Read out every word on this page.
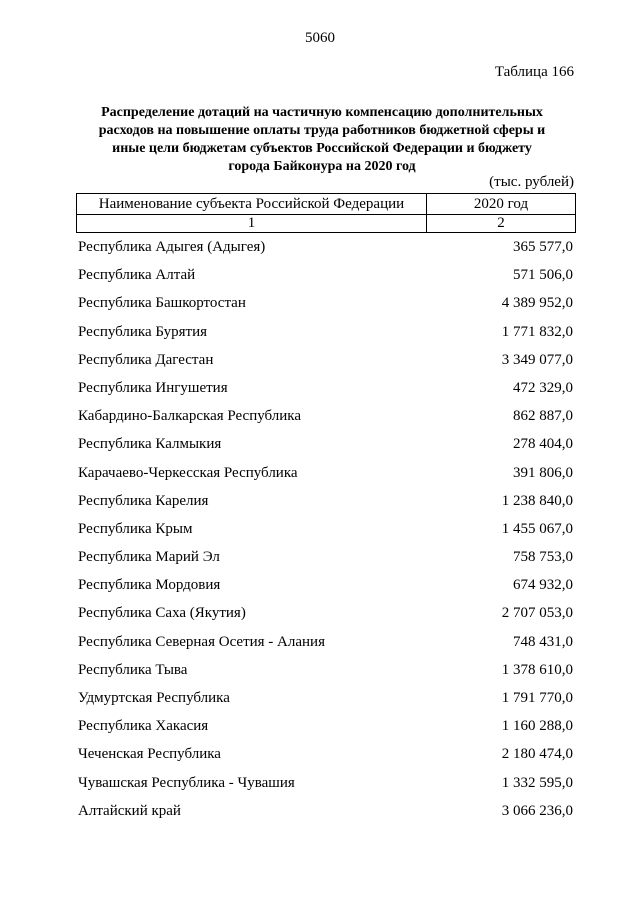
5060
Таблица 166
Распределение дотаций на частичную компенсацию дополнительных
расходов на повышение оплаты труда работников бюджетной сферы и
иные цели бюджетам субъектов Российской Федерации и бюджету
города Байконура на 2020 год
(тыс. рублей)
Наименование субъекта Российской Федерации	2020 год
1	2
Республика Адыгея (Адыгея)	365 577,0
Республика Алтай	571 506,0
Республика Башкортостан	4 389 952,0
Республика Бурятия	1 771 832,0
Республика Дагестан	3 349 077,0
Республика Ингушетия	472 329,0
Кабардино-Балкарская Республика	862 887,0
Республика Калмыкия	278 404,0
Карачаево-Черкесская Республика	391 806,0
Республика Карелия	1 238 840,0
Республика Крым	1 455 067,0
Республика Марий Эл	758 753,0
Республика Мордовия	674 932,0
Республика Саха (Якутия)	2 707 053,0
Республика Северная Осетия - Алания	748 431,0
Республика Тыва	1 378 610,0
Удмуртская Республика	1 791 770,0
Республика Хакасия	1 160 288,0
Чеченская Республика	2 180 474,0
Чувашская Республика - Чувашия	1 332 595,0
Алтайский край	3 066 236,0
